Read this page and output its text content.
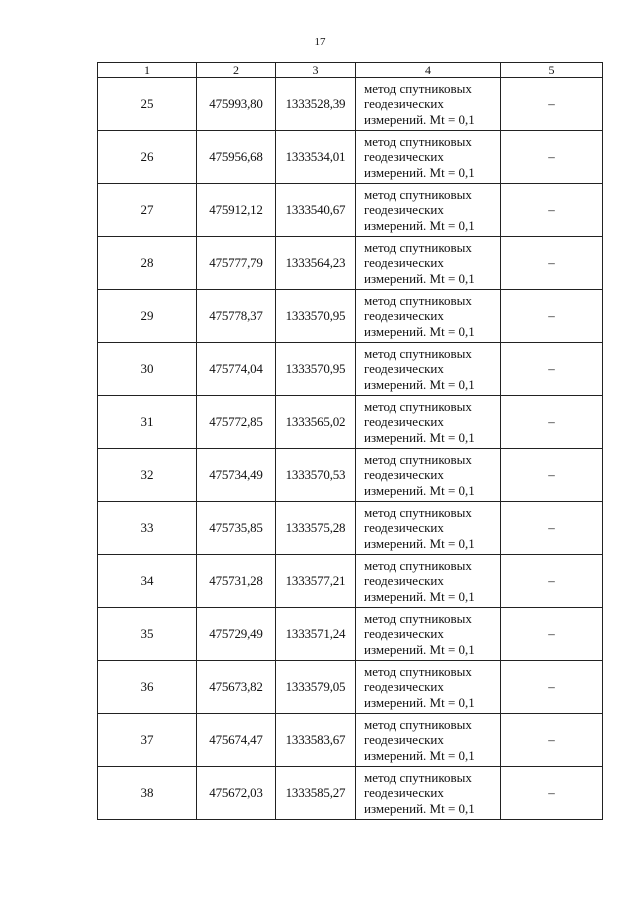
17
1	2	3	4	5
25	475993,80	1333528,39	метод спутниковых
геодезических
измерений. Mt = 0,1	–
26	475956,68	1333534,01	метод спутниковых
геодезических
измерений. Mt = 0,1	–
27	475912,12	1333540,67	метод спутниковых
геодезических
измерений. Mt = 0,1	–
28	475777,79	1333564,23	метод спутниковых
геодезических
измерений. Mt = 0,1	–
29	475778,37	1333570,95	метод спутниковых
геодезических
измерений. Mt = 0,1	–
30	475774,04	1333570,95	метод спутниковых
геодезических
измерений. Mt = 0,1	–
31	475772,85	1333565,02	метод спутниковых
геодезических
измерений. Mt = 0,1	–
32	475734,49	1333570,53	метод спутниковых
геодезических
измерений. Mt = 0,1	–
33	475735,85	1333575,28	метод спутниковых
геодезических
измерений. Mt = 0,1	–
34	475731,28	1333577,21	метод спутниковых
геодезических
измерений. Mt = 0,1	–
35	475729,49	1333571,24	метод спутниковых
геодезических
измерений. Mt = 0,1	–
36	475673,82	1333579,05	метод спутниковых
геодезических
измерений. Mt = 0,1	–
37	475674,47	1333583,67	метод спутниковых
геодезических
измерений. Mt = 0,1	–
38	475672,03	1333585,27	метод спутниковых
геодезических
измерений. Mt = 0,1	–
